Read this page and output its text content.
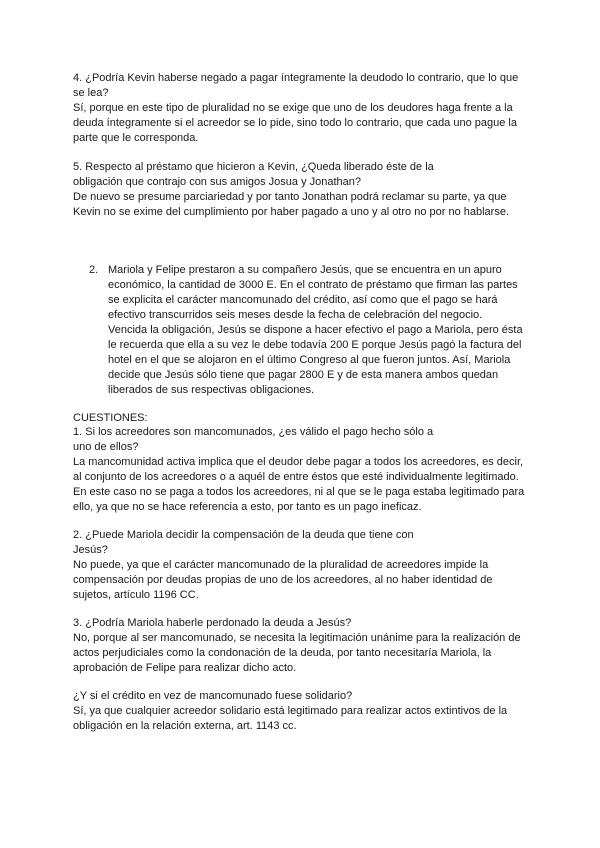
4. ¿Podría Kevin haberse negado a pagar íntegramente la deudodo lo contrario, que lo que
se lea?
Sí, porque en este tipo de pluralidad no se exige que uno de los deudores haga frente a la
deuda íntegramente si el acreedor se lo pide, sino todo lo contrario, que cada uno pague la
parte que le corresponda.
5. Respecto al préstamo que hicieron a Kevin, ¿Queda liberado éste de la
obligación que contrajo con sus amigos Josua y Jonathan?
De nuevo se presume parciariedad y por tanto Jonathan podrá reclamar su parte, ya que
Kevin no se exime del cumplimiento por haber pagado a uno y al otro no por no hablarse.
2. Mariola y Felipe prestaron a su compañero Jesús, que se encuentra en un apuro
económico, la cantidad de 3000 E. En el contrato de préstamo que firman las partes
se explicita el carácter mancomunado del crédito, así como que el pago se hará
efectivo transcurridos seis meses desde la fecha de celebración del negocio.
Vencida la obligación, Jesús se dispone a hacer efectivo el pago a Mariola, pero ésta
le recuerda que ella a su vez le debe todavía 200 E porque Jesús pagó la factura del
hotel en el que se alojaron en el último Congreso al que fueron juntos. Así, Mariola
decide que Jesús sólo tiene que pagar 2800 E y de esta manera ambos quedan
liberados de sus respectivas obligaciones.
CUESTIONES:
1. Si los acreedores son mancomunados, ¿es válido el pago hecho sólo a
uno de ellos?
La mancomunidad activa implica que el deudor debe pagar a todos los acreedores, es decir,
al conjunto de los acreedores o a aquél de entre éstos que esté individualmente legitimado.
En este caso no se paga a todos los acreedores, ni al que se le paga estaba legitimado para
ello, ya que no se hace referencia a esto, por tanto es un pago ineficaz.
2. ¿Puede Mariola decidir la compensación de la deuda que tiene con
Jesús?
No puede, ya que el carácter mancomunado de la pluralidad de acreedores impide la
compensación por deudas propias de uno de los acreedores, al no haber identidad de
sujetos, artículo 1196 CC.
3. ¿Podría Mariola haberle perdonado la deuda a Jesús?
No, porque al ser mancomunado, se necesita la legitimación unánime para la realización de
actos perjudiciales como la condonación de la deuda, por tanto necesitaría Mariola, la
aprobación de Felipe para realizar dicho acto.
¿Y si el crédito en vez de mancomunado fuese solidario?
Sí, ya que cualquier acreedor solidario está legitimado para realizar actos extintivos de la
obligación en la relación externa, art. 1143 cc.
